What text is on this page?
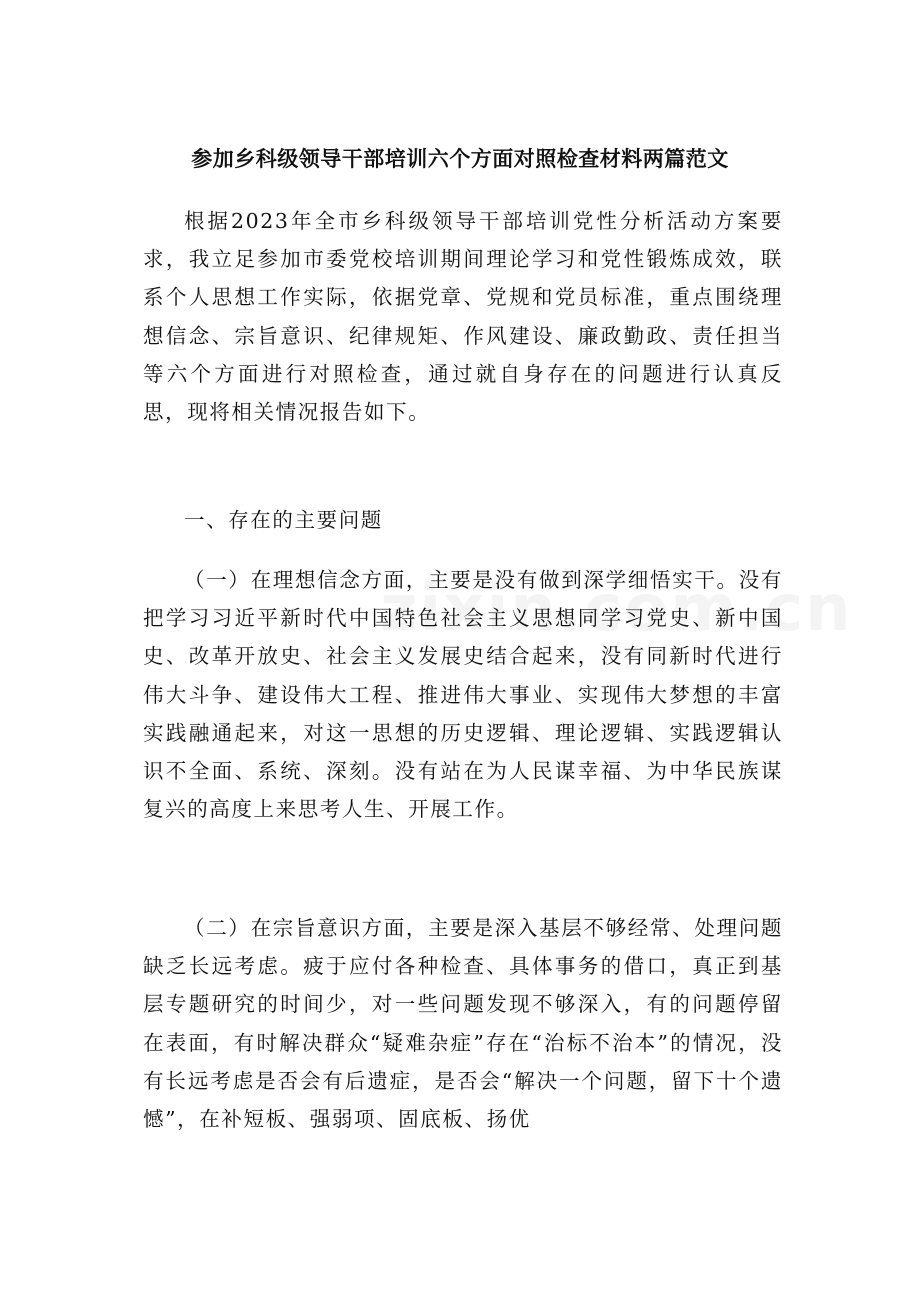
参加乡科级领导干部培训六个方面对照检查材料两篇范文
根据2023年全市乡科级领导干部培训党性分析活动方案要求，我立足参加市委党校培训期间理论学习和党性锻炼成效，联系个人思想工作实际，依据党章、党规和党员标准，重点围绕理想信念、宗旨意识、纪律规矩、作风建设、廉政勤政、责任担当等六个方面进行对照检查，通过就自身存在的问题进行认真反思，现将相关情况报告如下。
一、存在的主要问题
（一）在理想信念方面，主要是没有做到深学细悟实干。没有把学习习近平新时代中国特色社会主义思想同学习党史、新中国史、改革开放史、社会主义发展史结合起来，没有同新时代进行伟大斗争、建设伟大工程、推进伟大事业、实现伟大梦想的丰富实践融通起来，对这一思想的历史逻辑、理论逻辑、实践逻辑认识不全面、系统、深刻。没有站在为人民谋幸福、为中华民族谋复兴的高度上来思考人生、开展工作。
（二）在宗旨意识方面，主要是深入基层不够经常、处理问题缺乏长远考虑。疲于应付各种检查、具体事务的借口，真正到基层专题研究的时间少，对一些问题发现不够深入，有的问题停留在表面，有时解决群众“疑难杂症”存在“治标不治本”的情况，没有长远考虑是否会有后遗症，是否会“解决一个问题，留下十个遗憾”，在补短板、强弱项、固底板、扬优
